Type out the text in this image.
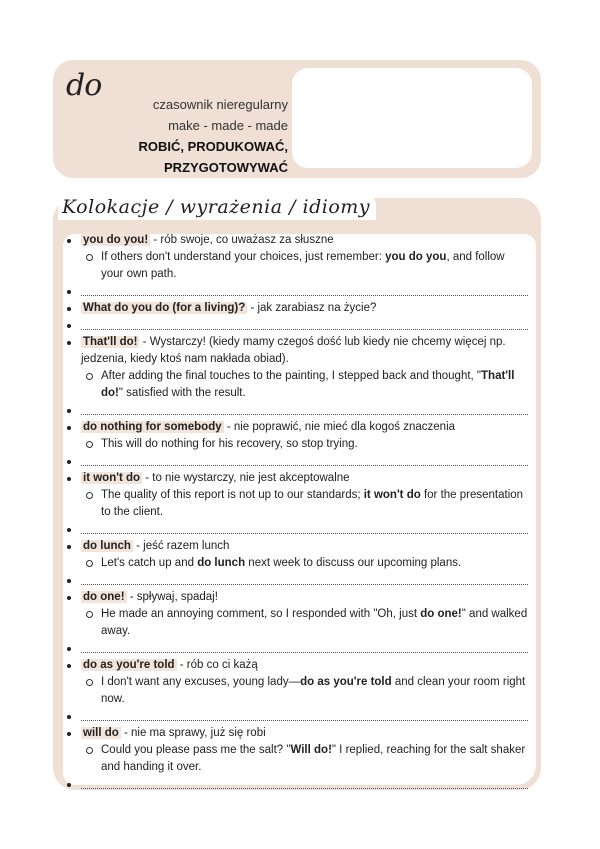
do
czasownik nieregularny
make - made - made
ROBIĆ, PRODUKOWAĆ,
PRZYGOTOWYWAĆ
Kolokacje / wyrażenia / idiomy
you do you! - rób swoje, co uważasz za słuszne
If others don't understand your choices, just remember: you do you, and follow your own path.
What do you do (for a living)? - jak zarabiasz na życie?
That'll do! - Wystarczy! (kiedy mamy czegoś dość lub kiedy nie chcemy więcej np. jedzenia, kiedy ktoś nam nakłada obiad).
After adding the final touches to the painting, I stepped back and thought, "That'll do!" satisfied with the result.
do nothing for somebody - nie poprawić, nie mieć dla kogoś znaczenia
This will do nothing for his recovery, so stop trying.
it won't do - to nie wystarczy, nie jest akceptowalne
The quality of this report is not up to our standards; it won't do for the presentation to the client.
do lunch - jeść razem lunch
Let's catch up and do lunch next week to discuss our upcoming plans.
do one! - spływaj, spadaj!
He made an annoying comment, so I responded with "Oh, just do one!" and walked away.
do as you're told - rób co ci każą
I don't want any excuses, young lady—do as you're told and clean your room right now.
will do - nie ma sprawy, już się robi
Could you please pass me the salt? "Will do!" I replied, reaching for the salt shaker and handing it over.
